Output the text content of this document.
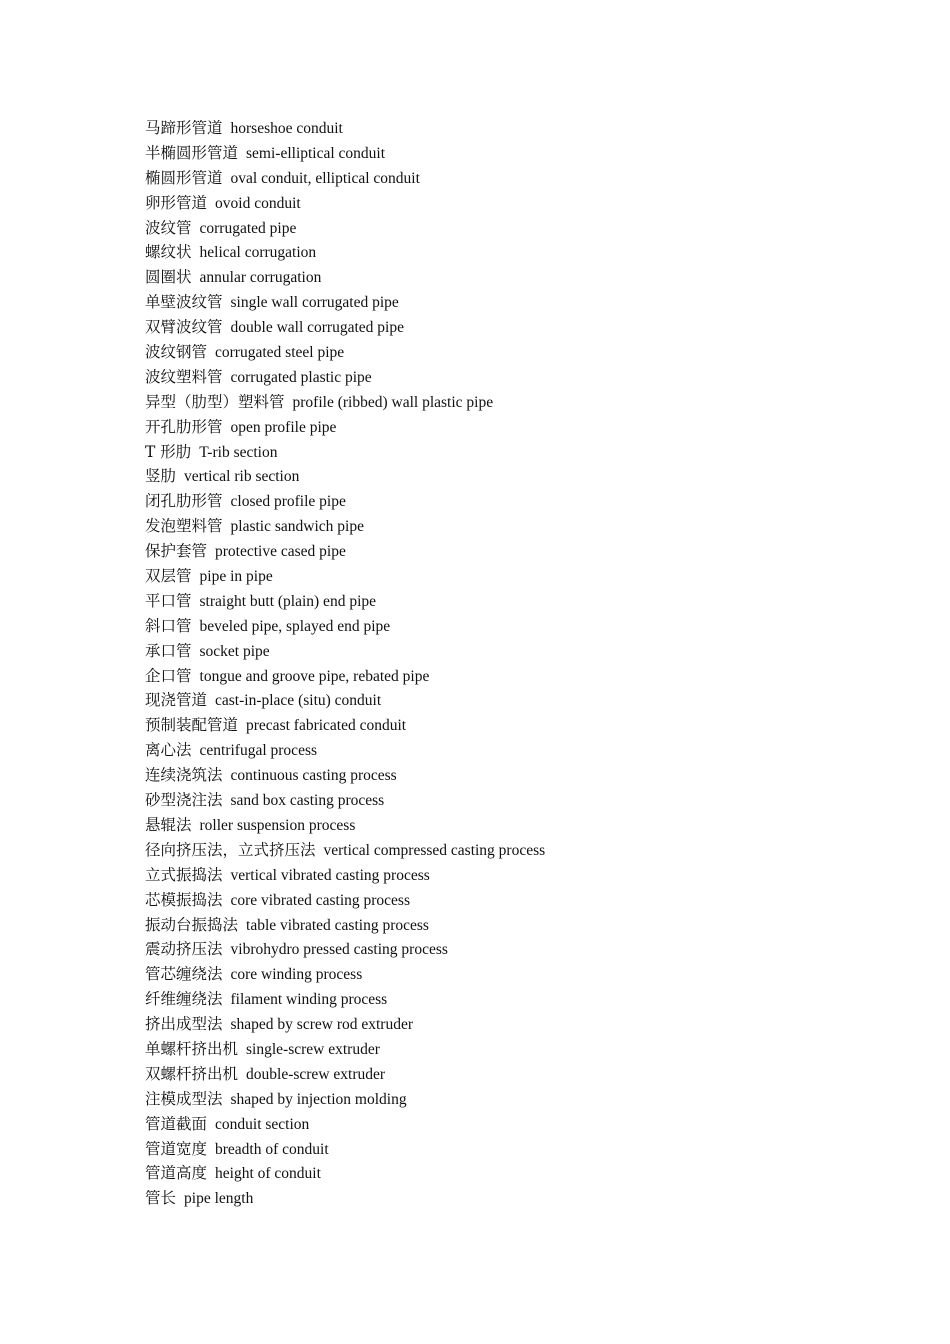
马蹄形管道 horseshoe conduit
半椭圆形管道 semi-elliptical conduit
椭圆形管道 oval conduit, elliptical conduit
卵形管道 ovoid conduit
波纹管 corrugated pipe
螺纹状 helical corrugation
圆圈状 annular corrugation
单壁波纹管 single wall corrugated pipe
双臂波纹管 double wall corrugated pipe
波纹钢管 corrugated steel pipe
波纹塑料管 corrugated plastic pipe
异型（肋型）塑料管 profile (ribbed) wall plastic pipe
开孔肋形管 open profile pipe
T 形肋 T-rib section
竖肋 vertical rib section
闭孔肋形管 closed profile pipe
发泡塑料管 plastic sandwich pipe
保护套管 protective cased pipe
双层管 pipe in pipe
平口管 straight butt (plain) end pipe
斜口管 beveled pipe, splayed end pipe
承口管 socket pipe
企口管 tongue and groove pipe, rebated pipe
现浇管道 cast-in-place (situ) conduit
预制装配管道 precast fabricated conduit
离心法 centrifugal process
连续浇筑法 continuous casting process
砂型浇注法 sand box casting process
悬辊法 roller suspension process
径向挤压法，立式挤压法 vertical compressed casting process
立式振捣法 vertical vibrated casting process
芯模振捣法 core vibrated casting process
振动台振捣法 table vibrated casting process
震动挤压法 vibrohydro pressed casting process
管芯缠绕法 core winding process
纤维缠绕法 filament winding process
挤出成型法 shaped by screw rod extruder
单螺杆挤出机 single-screw extruder
双螺杆挤出机 double-screw extruder
注模成型法 shaped by injection molding
管道截面 conduit section
管道宽度 breadth of conduit
管道高度 height of conduit
管长 pipe length
